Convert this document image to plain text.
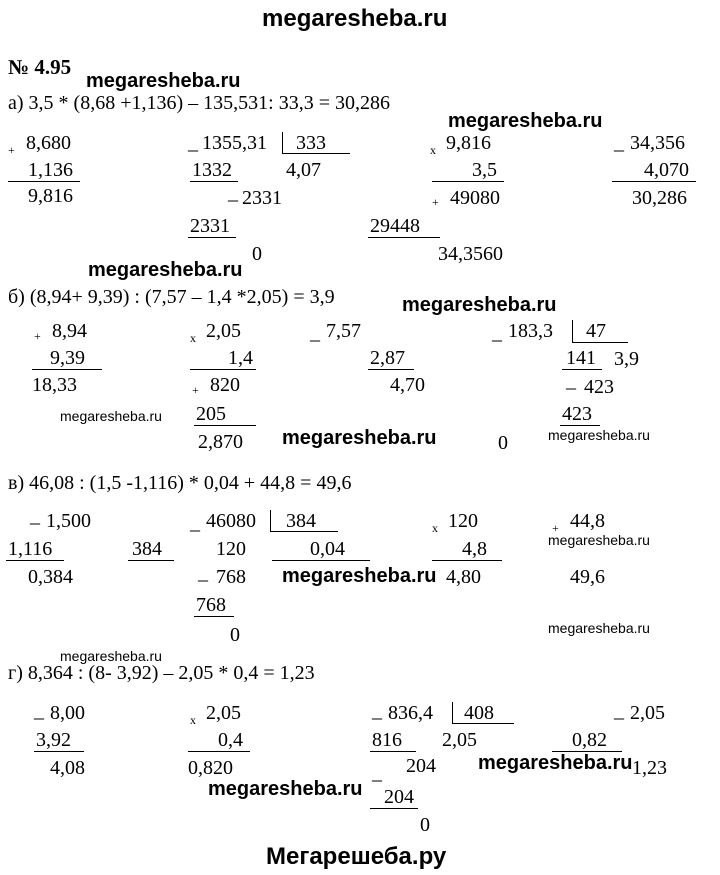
megaresheba.ru
Мегарешеба.ру
№ 4.95
megaresheba.ru
megaresheba.ru
megaresheba.ru
megaresheba.ru
megaresheba.ru
megaresheba.ru	megaresheba.ru
megaresheba.ru
megaresheba.ru
megaresheba.ru
megaresheba.ru
megaresheba.ru
megaresheba.ru
а) 3,5 * (8,68 +1,136) – 135,531: 33,3 = 30,286
+ 8,680
1,136
9,816
_ 1355,31 333
1332	4,07
_ 2331
2331
0
x 9,816
3,5
+ 49080
29448
34,3560
_ 34,356
4,070
30,286
б) (8,94+ 9,39) : (7,57 – 1,4 *2,05) = 3,9
+ 8,94
9,39
18,33
x 2,05
1,4
+ 820
205
2,870
_ 7,57
2,87
4,70
_ 183,3 47
141 3,9
_ 423
423
0
в) 46,08 : (1,5 -1,116) * 0,04 + 44,8 = 49,6
_ 1,500
1,116
0,384
384
_ 46080 384
120	0,04
_ 768
768
0
x 120
4,8
4,80
+ 44,8
49,6
г) 8,364 : (8- 3,92) – 2,05 * 0,4 = 1,23
_ 8,00
3,92
4,08
x 2,05
0,4
0,820
_ 836,4 408
816 2,05
_ 204
204
0
_ 2,05
0,82
1,23
